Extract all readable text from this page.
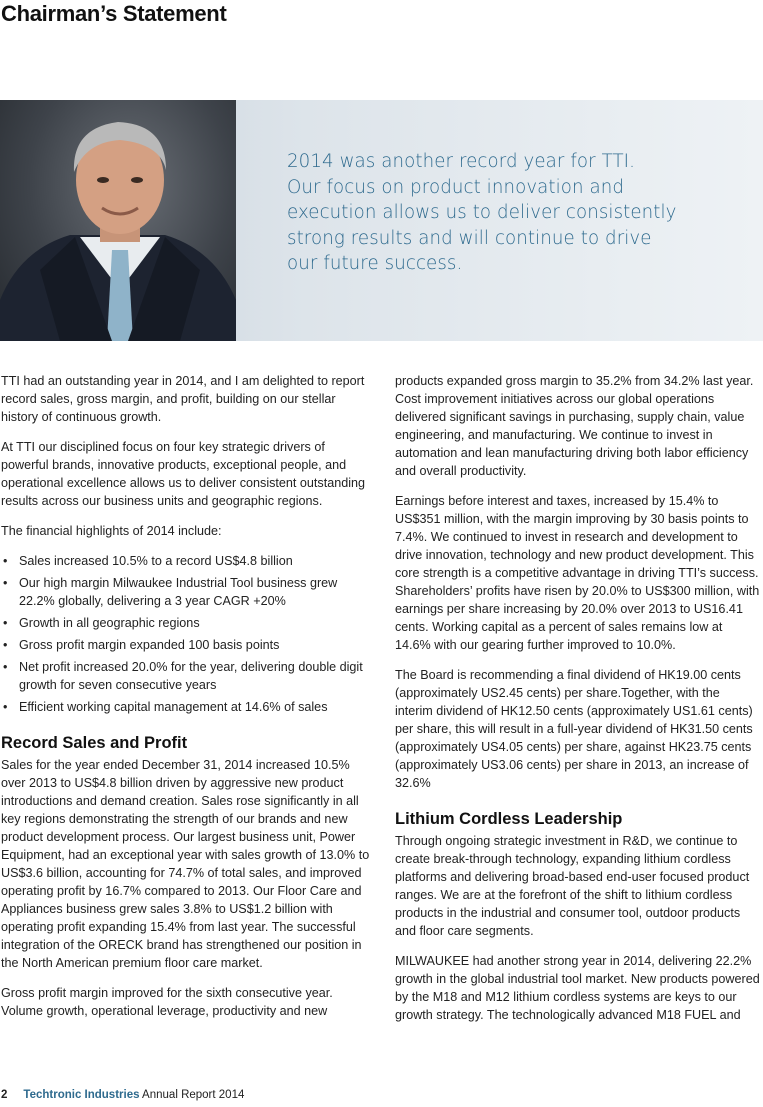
Chairman’s Statement
2014 was another record year for TTI.
Our focus on product innovation and
execution allows us to deliver consistently
strong results and will continue to drive
our future success.

TTI had an outstanding year in 2014, and I am delighted to report record sales, gross margin, and profit, building on our stellar history of continuous growth.

At TTI our disciplined focus on four key strategic drivers of powerful brands, innovative products, exceptional people, and operational excellence allows us to deliver consistent outstanding results across our business units and geographic regions.

The financial highlights of 2014 include:

• Sales increased 10.5% to a record US$4.8 billion
• Our high margin Milwaukee Industrial Tool business grew 22.2% globally, delivering a 3 year CAGR +20%
• Growth in all geographic regions
• Gross profit margin expanded 100 basis points
• Net profit increased 20.0% for the year, delivering double digit growth for seven consecutive years
• Efficient working capital management at 14.6% of sales
Record Sales and Profit

Sales for the year ended December 31, 2014 increased 10.5% over 2013 to US$4.8 billion driven by aggressive new product introductions and demand creation. Sales rose significantly in all key regions demonstrating the strength of our brands and new product development process. Our largest business unit, Power Equipment, had an exceptional year with sales growth of 13.0% to US$3.6 billion, accounting for 74.7% of total sales, and improved operating profit by 16.7% compared to 2013. Our Floor Care and Appliances business grew sales 3.8% to US$1.2 billion with operating profit expanding 15.4% from last year. The successful integration of the ORECK brand has strengthened our position in the North American premium floor care market.

Gross profit margin improved for the sixth consecutive year. Volume growth, operational leverage, productivity and new

products expanded gross margin to 35.2% from 34.2% last year. Cost improvement initiatives across our global operations delivered significant savings in purchasing, supply chain, value engineering, and manufacturing. We continue to invest in automation and lean manufacturing driving both labor efficiency and overall productivity.

Earnings before interest and taxes, increased by 15.4% to US$351 million, with the margin improving by 30 basis points to 7.4%. We continued to invest in research and development to drive innovation, technology and new product development. This core strength is a competitive advantage in driving TTI’s success. Shareholders’ profits have risen by 20.0% to US$300 million, with earnings per share increasing by 20.0% over 2013 to US16.41 cents. Working capital as a percent of sales remains low at 14.6% with our gearing further improved to 10.0%.

The Board is recommending a final dividend of HK19.00 cents (approximately US2.45 cents) per share.Together, with the interim dividend of HK12.50 cents (approximately US1.61 cents) per share, this will result in a full-year dividend of HK31.50 cents (approximately US4.05 cents) per share, against HK23.75 cents (approximately US3.06 cents) per share in 2013, an increase of 32.6%

Lithium Cordless Leadership

Through ongoing strategic investment in R&D, we continue to create break-through technology, expanding lithium cordless platforms and delivering broad-based end-user focused product ranges. We are at the forefront of the shift to lithium cordless products in the industrial and consumer tool, outdoor products and floor care segments.

MILWAUKEE had another strong year in 2014, delivering 22.2% growth in the global industrial tool market. New products powered by the M18 and M12 lithium cordless systems are keys to our growth strategy. The technologically advanced M18 FUEL and

2 Techtronic Industries Annual Report 2014
